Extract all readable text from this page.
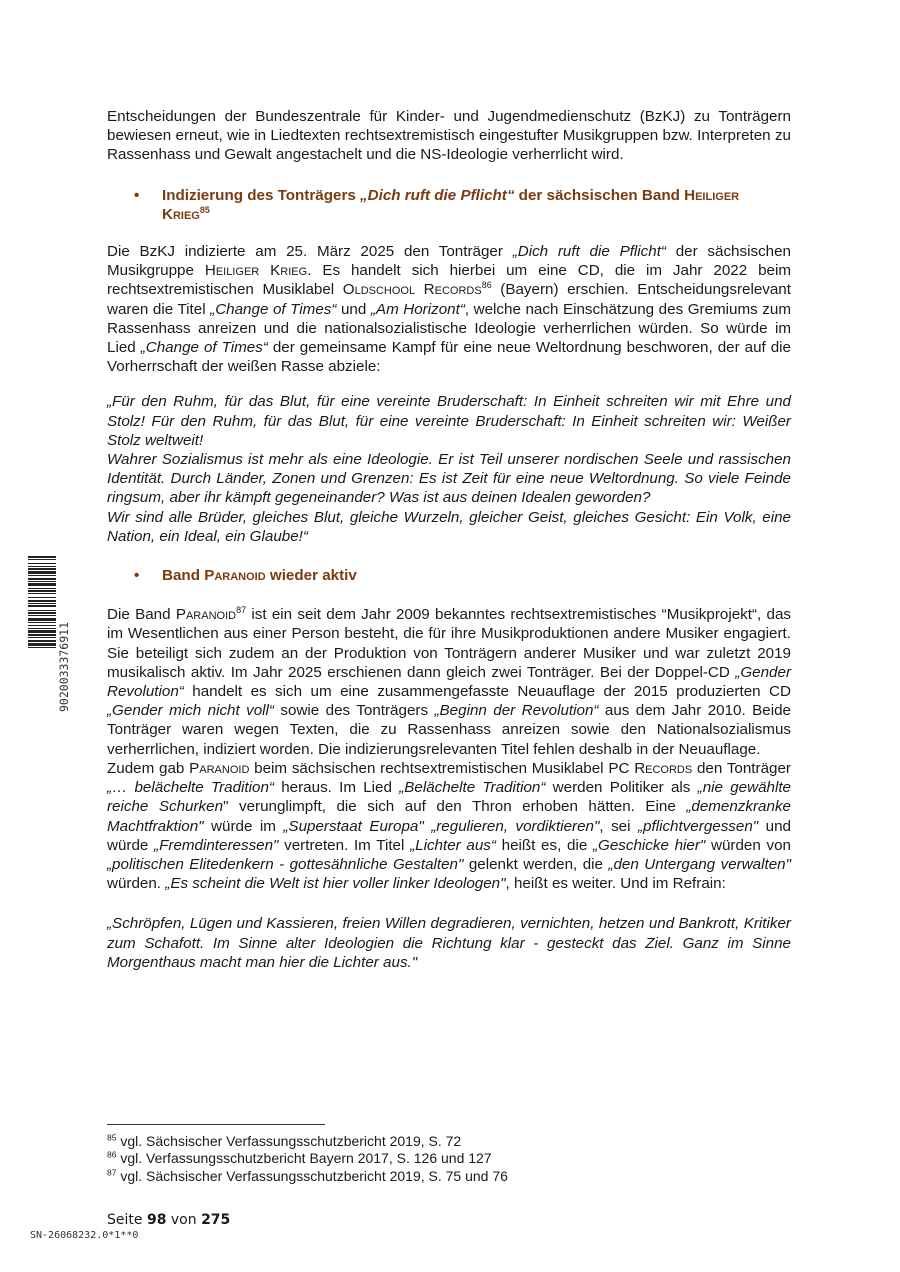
Entscheidungen der Bundeszentrale für Kinder- und Jugendmedienschutz (BzKJ) zu Tonträgern bewiesen erneut, wie in Liedtexten rechtsextremistisch eingestufter Musikgruppen bzw. Interpreten zu Rassenhass und Gewalt angestachelt und die NS-Ideologie verherrlicht wird.

• Indizierung des Tonträgers „Dich ruft die Pflicht“ der sächsischen Band Heiliger Krieg$^{85}$

Die BzKJ indizierte am 25. März 2025 den Tonträger „Dich ruft die Pflicht“ der sächsischen Musikgruppe Heiliger Krieg. Es handelt sich hierbei um eine CD, die im Jahr 2022 beim rechtsextremistischen Musiklabel Oldschool Records$^{86}$ (Bayern) erschien. Entscheidungsrelevant waren die Titel „Change of Times“ und „Am Horizont“, welche nach Einschätzung des Gremiums zum Rassenhass anreizen und die nationalsozialistische Ideologie verherrlichen würden. So würde im Lied „Change of Times“ der gemeinsame Kampf für eine neue Weltordnung beschworen, der auf die Vorherrschaft der weißen Rasse abziele:

„Für den Ruhm, für das Blut, für eine vereinte Bruderschaft: In Einheit schreiten wir mit Ehre und Stolz! Für den Ruhm, für das Blut, für eine vereinte Bruderschaft: In Einheit schreiten wir: Weißer Stolz weltweit!

Wahrer Sozialismus ist mehr als eine Ideologie. Er ist Teil unserer nordischen Seele und rassischen Identität. Durch Länder, Zonen und Grenzen: Es ist Zeit für eine neue Weltordnung. So viele Feinde ringsum, aber ihr kämpft gegeneinander? Was ist aus deinen Idealen geworden?

Wir sind alle Brüder, gleiches Blut, gleiche Wurzeln, gleicher Geist, gleiches Gesicht: Ein Volk, eine Nation, ein Ideal, ein Glaube!“

• Band Paranoid wieder aktiv

Die Band Paranoid$^{87}$ ist ein seit dem Jahr 2009 bekanntes rechtsextremistisches “Musikprojekt“, das im Wesentlichen aus einer Person besteht, die für ihre Musikproduktionen andere Musiker engagiert. Sie beteiligt sich zudem an der Produktion von Tonträgern anderer Musiker und war zuletzt 2019 musikalisch aktiv. Im Jahr 2025 erschienen dann gleich zwei Tonträger. Bei der Doppel-CD „Gender Revolution“ handelt es sich um eine zusammengefasste Neuauflage der 2015 produzierten CD „Gender mich nicht voll“ sowie des Tonträgers „Beginn der Revolution“ aus dem Jahr 2010. Beide Tonträger waren wegen Texten, die zu Rassenhass anreizen sowie den Nationalsozialismus verherrlichen, indiziert worden. Die indizierungsrelevanten Titel fehlen deshalb in der Neuauflage.

Zudem gab Paranoid beim sächsischen rechtsextremistischen Musiklabel PC Records den Tonträger „… belächelte Tradition“ heraus. Im Lied „Belächelte Tradition“ werden Politiker als „nie gewählte reiche Schurken" verunglimpft, die sich auf den Thron erhoben hätten. Eine „demenzkranke Machtfraktion" würde im „Superstaat Europa" „regulieren, vordiktieren", sei „pflichtvergessen" und würde „Fremdinteressen" vertreten. Im Titel „Lichter aus“ heißt es, die „Geschicke hier" würden von „politischen Elitedenkern - gottesähnliche Gestalten" gelenkt werden, die „den Untergang verwalten" würden. „Es scheint die Welt ist hier voller linker Ideologen", heißt es weiter. Und im Refrain:

„Schröpfen, Lügen und Kassieren, freien Willen degradieren, vernichten, hetzen und Bankrott, Kritiker zum Schafott. Im Sinne alter Ideologien die Richtung klar - gesteckt das Ziel. Ganz im Sinne Morgenthaus macht man hier die Lichter aus."

$^{85}$ vgl. Sächsischer Verfassungsschutzbericht 2019, S. 72
$^{86}$ vgl. Verfassungsschutzbericht Bayern 2017, S. 126 und 127
$^{87}$ vgl. Sächsischer Verfassungsschutzbericht 2019, S. 75 und 76
Seite 98 von 275
SN-26068232.0*1**0
9020033376911
